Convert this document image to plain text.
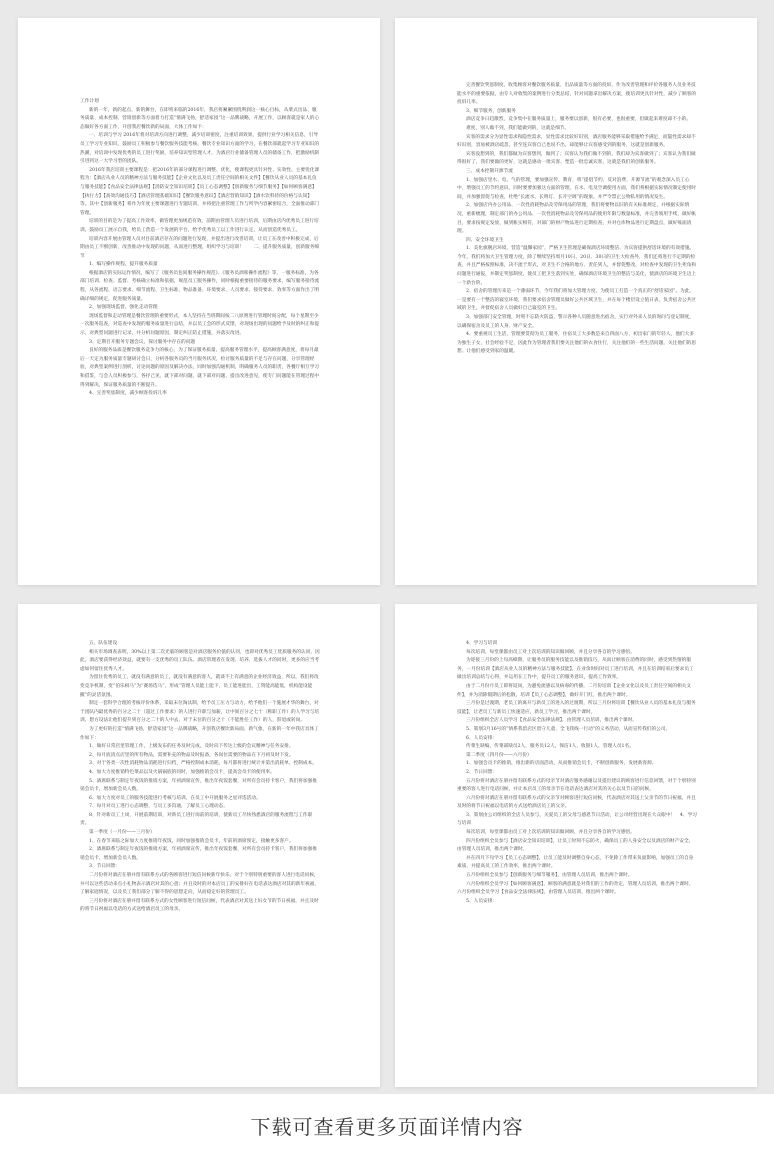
工作计划

新的一年，新的起点，新的舞台，在即将来临的2016年，我店将紧紧围绕利润这一核心目标，从菜式出品、服务质量、成本控制、营销创新等方面着力打造“情满飞扬，舒适家园”这一品牌战略，开展工作，以顾客就是家人的心态做好各方面工作，开创我店餐饮新的局面，大体工作如下：

一、培训与学习 2016年将对培训方向进行调整，减少培训密度，注重培训效果，提供行业学习相关信息，引导员工学习专业知识，鼓励员工积极参与餐饮服务技能考核，餐饮专业知识方面的学习，在餐饮部就起学习专业知识的热潮，对培训中发现优秀的员工进行奖励，培养知识型管理人才，为酒店行业储备管理人员的储备工作，把激励机制引进到这一大学习型的团队。

2016年我店培训主要课程是：把2016年的部分课程进行调整、优化，使课程更具针对性、实效性。主要优化课程为：【酒店从业人员的精神方法与服务技能】【企业文化以及员工责任空间的相关文件】【餐饮从业人员的基本礼仪与服务技能】【食品安全法律法规】【消防安全知识培训】【员工心态调整】【创新服务与细节服务】【如何顾客满意】【执行力】【高效沟通技巧】【酒店管理基础知识】【餐饮服务意识】【酒店营销知识】【酒水饮料侍的价格与认知】等。其中【创新服务】将作为年度主要课题进行专题培训，并将把注重管理工作与所学内容紧密结合，全面推动部门管理。

培训的目的是为了提高工作效率，做管理更加规范有效，前期由管理人员进行培训，后期由店内优秀员工进行培训，鼓励员工展示自我，给员工营造一个发展的平台，给予优秀员工以工作进行认定，从而创造优秀员工。

培训内容开展由管理人员对目前酒店存在的问题进行发现，并提出进行改善培训，让员工在改善中积极完成，后期由员工不断创新，改善推动中发现的问题，从而进行整理，组织学习与培训！　　二、提升服务质量，创新服务细节

1、编写操作规程，提升服务质量

根据酒店的实际运作情况，编写了《服务员包间服务操作规范》、《服务员酒席操作流程》等，一服务标准，为各部门培训、检查、监督、考核确立标准和依据，规范员工服务操作，同时根据重要接待的服务要求，编写服务接待流程，从各流程、语言要求、细节流程、卫生标准、物品准备、环境要求、人员要求、接待要求、效率等方面作出了明确详细的规定，促进服务质量。

2、加强现场监督，强化走动管理

现场监督和走动管理是餐饮管理的重要形式，本人坚持在当班期间按二八原则进行管理时间分配，每个星期至少一次服务巡查，对巡查中发现的服务质量进行总结，并以员工会的形式反馈，对现场出现的问题给予及时的纠正和提示，对典型问题进行记录，并分析问题原因，制定纠正防止措施，并落实改进。

3、定期召开服务专题会议，探讨服务中存在的问题

良好的服务品质是餐饮服务竞争力的核心，为了保证服务质量，提高服务管理水平，提高顾客满意度，将每月最后一天定为服务质量专题研讨会日，分析各服务员的当月服务状况，检讨服务质量的不足与存在问题，分享管理经验，对典型案例进行剖析，讨论问题的原因及解决办法，同时加强沟通机制，明确服务人员的职责，各餐厅相互学习和借鉴，与会人员积极参与，各抒己见，就下部对问题，就下部对问题、提出改进意见，使专门问题能在管理过程中得到解决，保证服务质量的不断提升。

4、完善奖惩制度，减少顾客投诉几率

完善餐饮奖惩制度，收集顾客对餐饮服务质量、出品质量等方面的投诉，作为改善管理和评价各服务人员业务技能水平的重要依据，由专人对收集的案例进行分类总结，针对问题拿出解决方案，使培训更具针对性，减少了顾客的投诉几率。

3、细节服务，创新服务

酒店竞争日趋激烈，竞争集中在服务质量上，服务要以创新，很有必要，也很重要，但做起来难度却不小的。

难度，别人做不到，我们能做到的，这就是细节。

宾客的需求分为显性需求和隐性需求，显性需求比较好识别，酒店服务能够采取措施给予满足，而隐性需求却不好识别，容易被酒店疏忽，甚至连宾客自己也说不出，却能够让宾客感受到的服务，这就是创新服务。

宾客没想到的，我们都做为宾客想到，做到了；宾客认为我们做不到的，我们却为宾客做到了；宾客认为我们做得很好了，我们要做的更好，这就是感动一批宾客、塑造一批忠诚宾客，这就是我们的创新服务。

三、成本控制开源节流

1、加强店里水、电、气的管理，要加强宣传、教育，将“提倡节约、反对浪费、开源节流”的观念深入员工心中，增强员工的节约意识，同时要要加强这方面的管理，在水、电及空调使用方面，我们将根据实际情况制定使用时间，并加强督促与检查，杜绝“长流水、长明灯、长开空调”的现象。并严令禁止公物私用的情况发生。

2、加强店内办公用品、一次性消耗物品及劳保用品的管理，我们将要物以旧的有关标准规定，并根据实际情况，重新梳理，制定部门的办公用品、一次性消耗物品及劳保用品的使用年限与数量标准，并完善领用手续，做好帐目，要求按规定发放，做到帐实相符，对部门的财产物品进行定期检查，并对仓库物品进行定期盘点，做好账面清理。

四、安全环境卫生

1、美化旗舰店环境，营造“温馨家园”，严格卫生管理是确保酒店环境整洁、为宾客提供舒适环境的有效措施。今年，我们将加大卫生管理力度，除了继续坚持周月10日、20日、30日的卫生大检查外，我们还将进行不定期的检查，并且严格按照标准，决不流于形式，对卫生不合格的地方、责任到人，并督促整改，对检查中发现的卫生死角和问题进行通报，并制定奖惩制度，使员工把卫生落到实处，确保酒店环境卫生的整洁与美化，使酒店的环境卫生迈上一个新台阶。

2、宿舍的管理历来是一个薄弱环节，今年我们将加大管理力度，为使员工打造一个真正的“舒适家园”。为此，一是要有一个整洁的寝室环境，我们要求宿舍管理员做好公共区域卫生，并在每个楼层设立值日表，负责宿舍公共区域的卫生，并督促宿舍人员做好自己寝室的卫生。

3、加强部门安全管理，时刻不忘防火防盗，警示各种人员随意进出宿舍，实行对外来人员的询问与登记制度，以确保宿舍及员工的人身、财产安全。

4、要重视员工生活，管理要贯彻为员工服务，住宿员工大多数是来自四面八方，初出家门的年轻人，他们大多为独生子女，社会经验不足，因此作为管理者我们要关注他们的衣食住行，关注他们的一些生活问题，关注他们的思想。让他们感受到家的温暖。

五、队伍建设

相关市场调查表明，30%以上第二次光临的顾客是对酒店服务价值的认同，也即对优秀员工优质服务的认同，因此，酒店要获得经济效益，就要有一支优秀的员工队伍。酒店管理者在发现、培养、选拔人才的同时，更多的应当考虑如何留住优秀人才。

为留住优秀的员工，就没有满意的员工，就没有满意的客人，就谈不上有满意的企业经济效益，所以，我们将改变竞争机制，变“伯乐相马”为“赛场选马”，形成“管理人员能上能下，员工能进能出，工资能高能低，机构能设能撤”的灵活氛围。

制定一套科学合理的考核评价体系，采取末位淘汰制，给予员工压力与动力，给予他们一个施展才华的舞台，对于团队内最优秀的百分之二十（超过工作要求）的人进行升职与加薪，让中间百分之七十（称职工作）的人学习与培训，想方设法让他们提升到百分之二十的人中去，对于末位的百分之十（不能胜任工作）的人，辞退或转岗。

为了更好的打造“情满飞扬，舒适家园”这一品牌战略，开创我店餐饮新局面、新气象，在新的一年中我店具体工作如下：

1、做好日常店里管理工作，上级发布的任务及时完成，及时向下传达上级的会议精神与任务安排。

2、每月底清点店里的所有物品，需要补充的物品及时报备，各岗位需要的物品在下月初及时下发。

3、对于各类一次性消耗物品消耗进行归档，严格控制成本消耗，每月都将进行统计并第出消耗单，控制成本。

4、加大力度推销特色菜品以及火锅锅底的同时，加强推销会员卡，提高会员卡的使用率。

5、酒席联系与制定年夜饭的推销方案，年初酒席宣传，推出年夜饭套餐，对所有会员持卡客户，我们将加强推销会员卡，增加新会员人数。

6、加大力度对员工的服务技能进行考核与培训，在员工中开展服务之星评选活动。

7、每月对员工进行心态调整，与员工多沟通，了解员工心理动态。

8、针对新员工上岗，开展前期培训，对新员工进行岗前的培训，使新员工尽快熟悉酒店的服务流程与工作职责。

第一季度（一月份——三月份）

1、在春节来临之际加大力度推销年夜饭，同时加强推销会员卡，年前的酒席预定，接触更多客户。

2、酒席联系与制定年夜饭的推销方案，年初酒席宣传，推出年夜饭套餐，对所有会员持卡客户，我们将加强推销会员卡，增加新会员人数。

3、节日回馈：

二月份将对酒店在册并留有联系方式的各顾客进行短信问候新年快乐，对于个别特别重要的客人进行电话问候，并可以这些活动来点小礼物表示酒店对其的心意；并且及时的对本店员工的安排好在电话表达酒店对其的新年祝福，了解家庭情况，以及员工我们部分了解不得的思想走向，从而稳定好的管理员工。

三月份将对酒店在册并留有联系方式的女性顾客进行短信问候，代表酒店对其送上妇女节的节日祝福，并且及时的将节日祝福以电话的方式送给酒店员工的母亲。

4、学习与培训

每次培训，每堂课都由员工对上次培训的知识做回顾，并且分享各自的学习感悟。

为迎接三月份的上旬高峰期，让服务员的服务技能以及推销技巧，从而让顾客在消费的同时，感受到热情的服务，一月份培训【酒店从业人员的精神方法与服务技能】，在业余时间对员工进行培训，并且在培训结束后要求员工做出培训总结与心得，并运用在工作中，提升员工的服务意识，提高工作效率。

由于二月份月员工即将返岗，为避免流感以及病毒的传播，二月份培训【企业文化以及员工责任空间的相关文件】，并为消除假期后的松散，培训【员工心态调整】，做好开门红，推出两个课时。

三月份是过渡期，老员工的离开与新员工的进入的过渡期，所以三月份将培训【餐饮从业人员的基本礼仪与服务技能】，让老员工与新员工快速适应，新员工学习，推出两个课时。

三月份组织全店人员学习【食品安全法律法规】，由管理人员培训，推出两个课时。

5、策划3月16号的“情系我留店区留守儿童、全飞我线一行动”的义务活动，从而宣传我们的公司。

6、人员安排：

传菜生缺编，传菜部缺员2人，服务员12人，保洁1人，收银1人，管理人员1名。

第二季度（四月份——六月份）

1、加强会员卡的推销，推出新的店面活动，从而推销会员卡，不断创新服务，发展新客源。

2、节日回馈：

五月份将对酒店在册并留有联系方式的母亲节对酒店服务感谢以及提出建议的顾客进行信息回馈，对于个别特别重要的客人进行电话问候，并让本店员工的母亲节在电话表达酒店对其的关心以及节日的问候。

六月份将对酒店在册并留有联系方式的父亲节对顾客进行短信问候，代表酒店对其送上父亲节的节日祝福，并且及时的将节日祝福以电话的方式送给酒店员工的父亲。

3、策划由公司组织的全店人员参与，关爱员工的父母与感恩节日活动，让公司经营出现在大众眼中！　4、学习与培训

每次培训，每堂课都由员工对上次培训的知识做回顾，并且分享各自的学习感悟。

四月份组织全员参与【酒店安全知识培训】，让员工时刻不忘防火，确保员工的人身安全以及酒店的财产安全，由管理人员培训，推出两个课时。

并在四月下旬学习【员工心态调整】，让员工能及时调整自身心态，不免除工作带来负面影响，加强员工的自身素质，并提高员工的工作效率，推出两个课时。

五月份组织全员参与【创新服务与细节服务】，由管理人员培训，推出两个课时。

六月份组织全员学习【如何顾客满意】，顾客的满意就是对我们的工作的肯定，管理人员培训，推出两个课时。六月份组织全员学习【食品安全法律法规】，由管理人员培训，推出两个课时。

5、人员安排：

下载可查看更多页面详情内容
